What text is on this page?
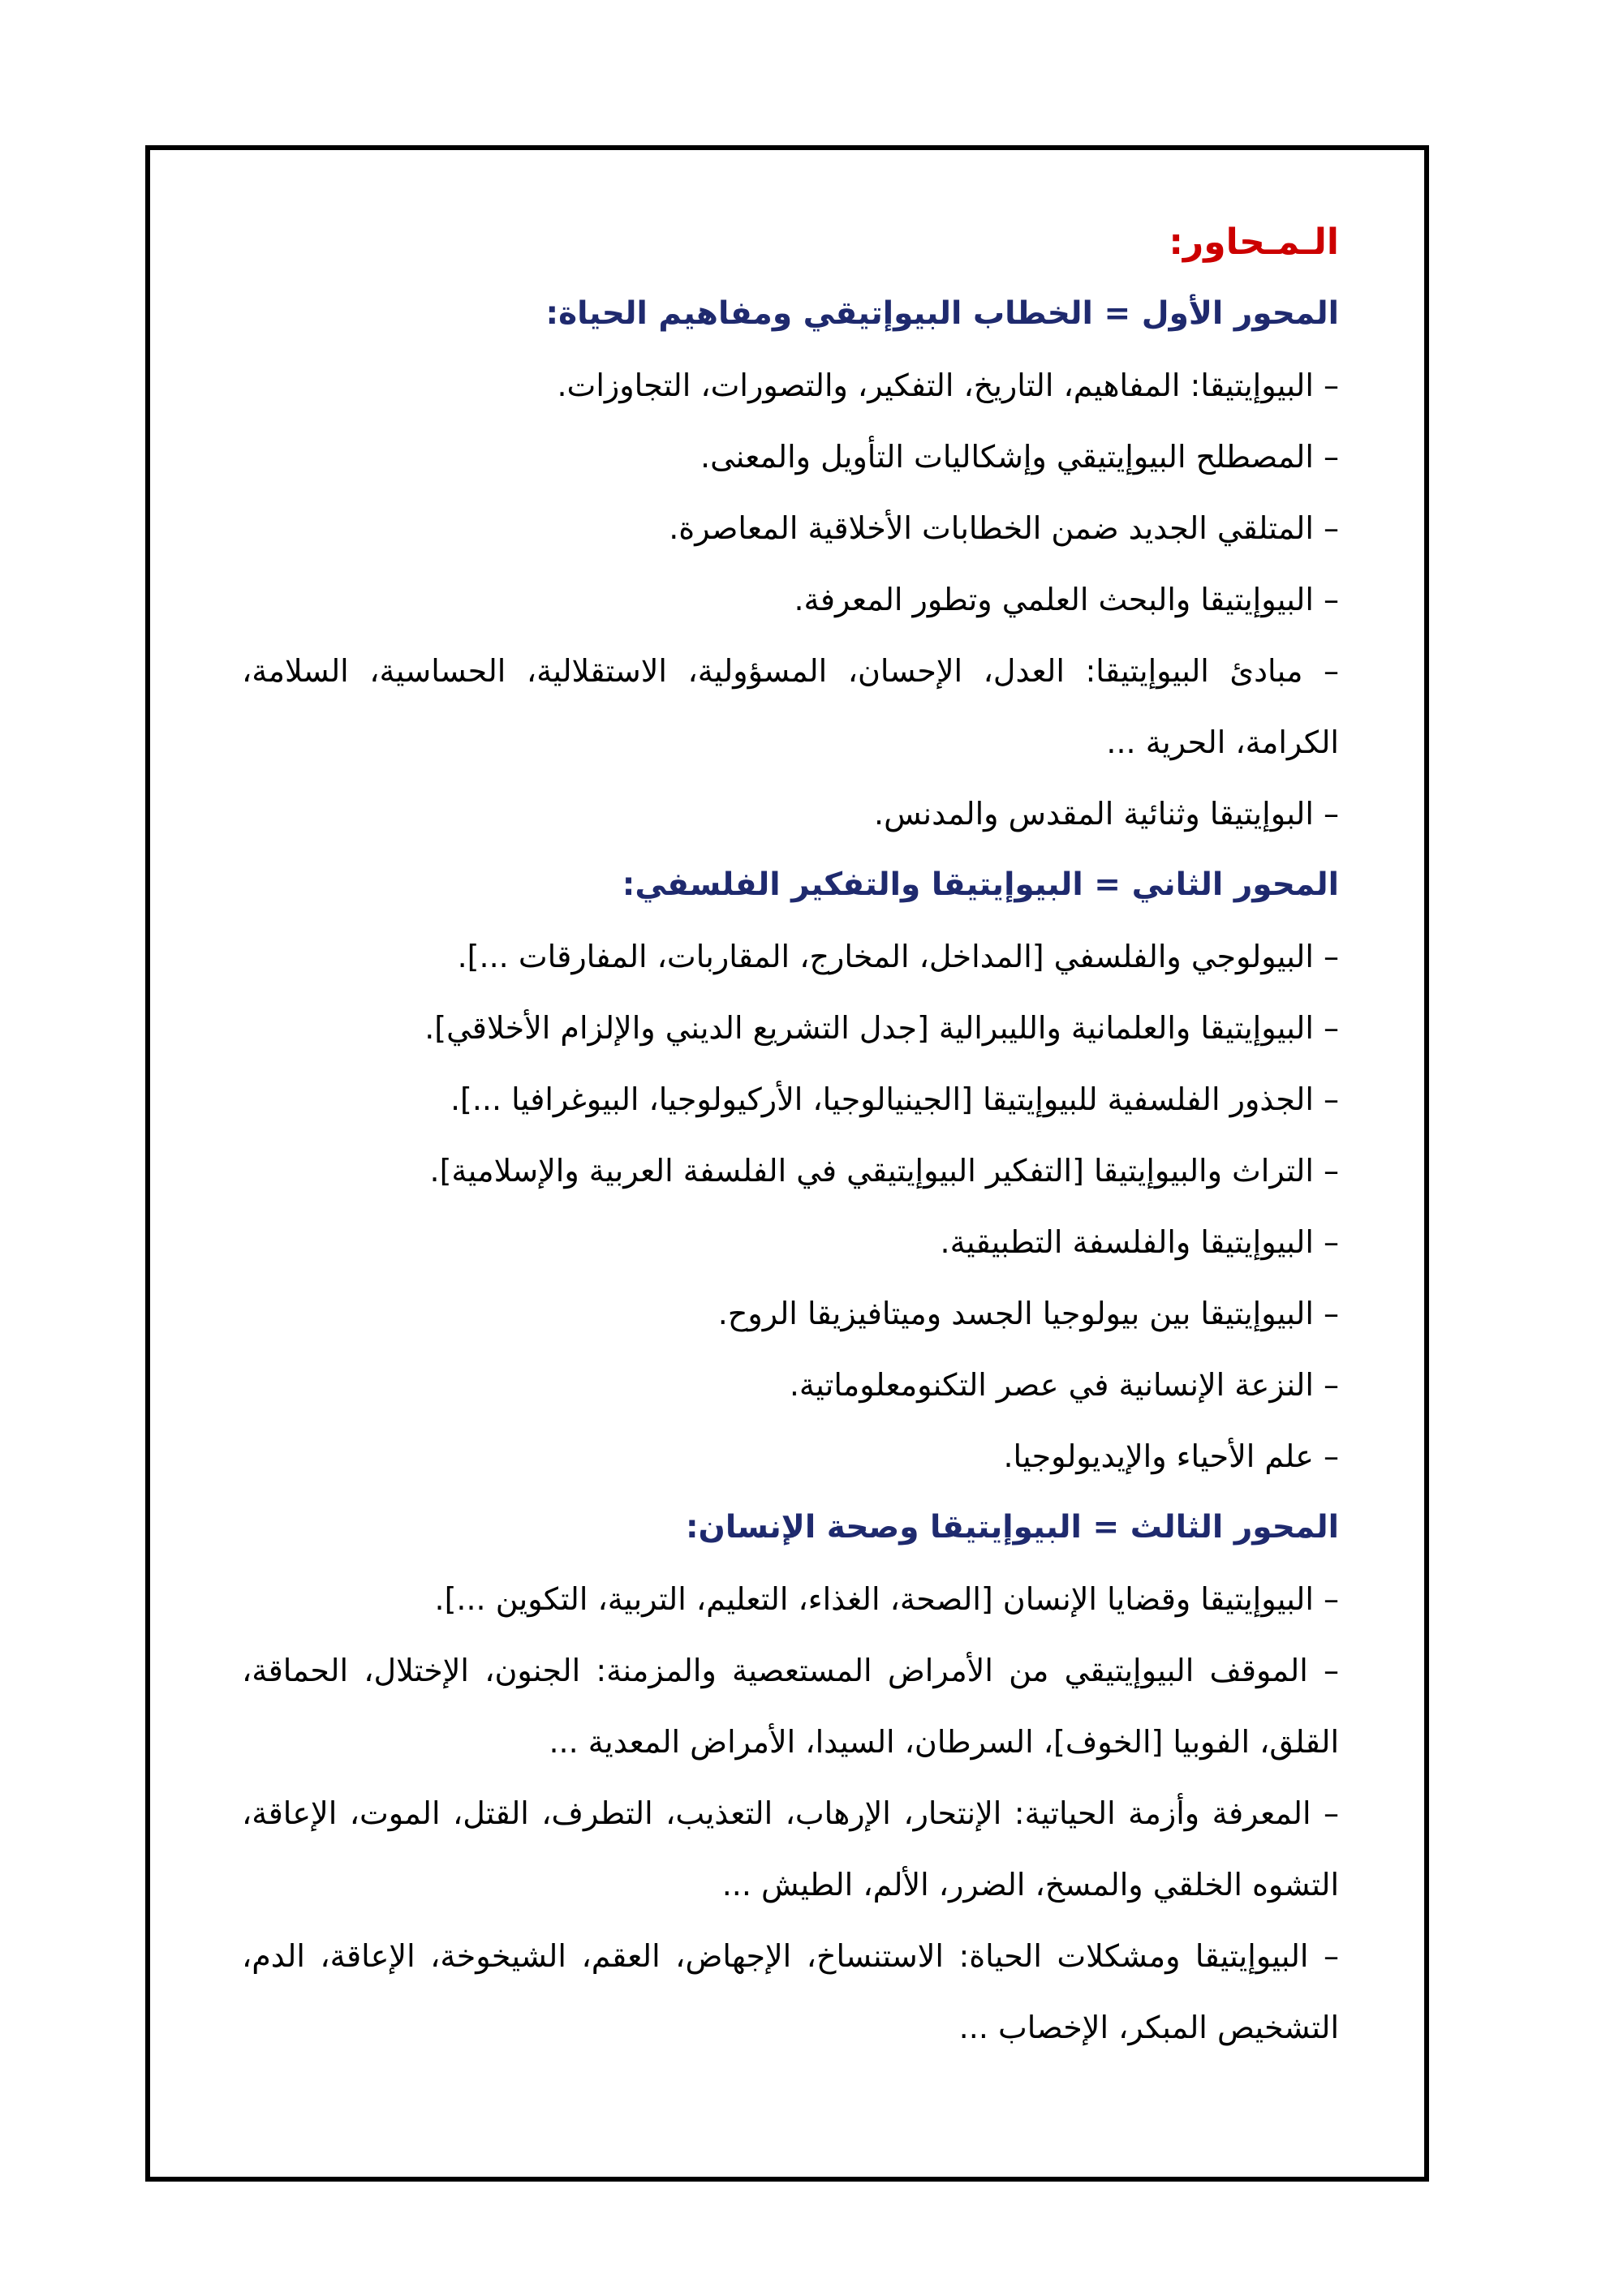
الـمـحاور:

المحور الأول = الخطاب البيوإتيقي ومفاهيم الحياة:

– البيوإيتيقا: المفاهيم، التاريخ، التفكير، والتصورات، التجاوزات.

– المصطلح البيوإيتيقي وإشكاليات التأويل والمعنى.

– المتلقي الجديد ضمن الخطابات الأخلاقية المعاصرة.

– البيوإيتيقا والبحث العلمي وتطور المعرفة.

– مبادئ البيوإيتيقا: العدل، الإحسان، المسؤولية، الاستقلالية، الحساسية، السلامة، الكرامة، الحرية ...

– البوإيتيقا وثنائية المقدس والمدنس.

المحور الثاني = البيوإيتيقا والتفكير الفلسفي:

– البيولوجي والفلسفي [المداخل، المخارج، المقاربات، المفارقات ...].

– البيوإيتيقا والعلمانية والليبرالية [جدل التشريع الديني والإلزام الأخلاقي].

– الجذور الفلسفية للبيوإيتيقا [الجينيالوجيا، الأركيولوجيا، البيوغرافيا ...].

– التراث والبيوإيتيقا [التفكير البيوإيتيقي في الفلسفة العربية والإسلامية].

– البيوإيتيقا والفلسفة التطبيقية.

– البيوإيتيقا بين بيولوجيا الجسد وميتافيزيقا الروح.

– النزعة الإنسانية في عصر التكنومعلوماتية.

– علم الأحياء والإيديولوجيا.

المحور الثالث = البيوإيتيقا وصحة الإنسان:

– البيوإيتيقا وقضايا الإنسان [الصحة، الغذاء، التعليم، التربية، التكوين ...].

– الموقف البيوإيتيقي من الأمراض المستعصية والمزمنة: الجنون، الإختلال، الحماقة، القلق، الفوبيا [الخوف]، السرطان، السيدا، الأمراض المعدية ...

– المعرفة وأزمة الحياتية: الإنتحار، الإرهاب، التعذيب، التطرف، القتل، الموت، الإعاقة، التشوه الخلقي والمسخ، الضرر، الألم، الطيش ...

– البيوإيتيقا ومشكلات الحياة: الاستنساخ، الإجهاض، العقم، الشيخوخة، الإعاقة، الدم، التشخيص المبكر، الإخصاب ...
